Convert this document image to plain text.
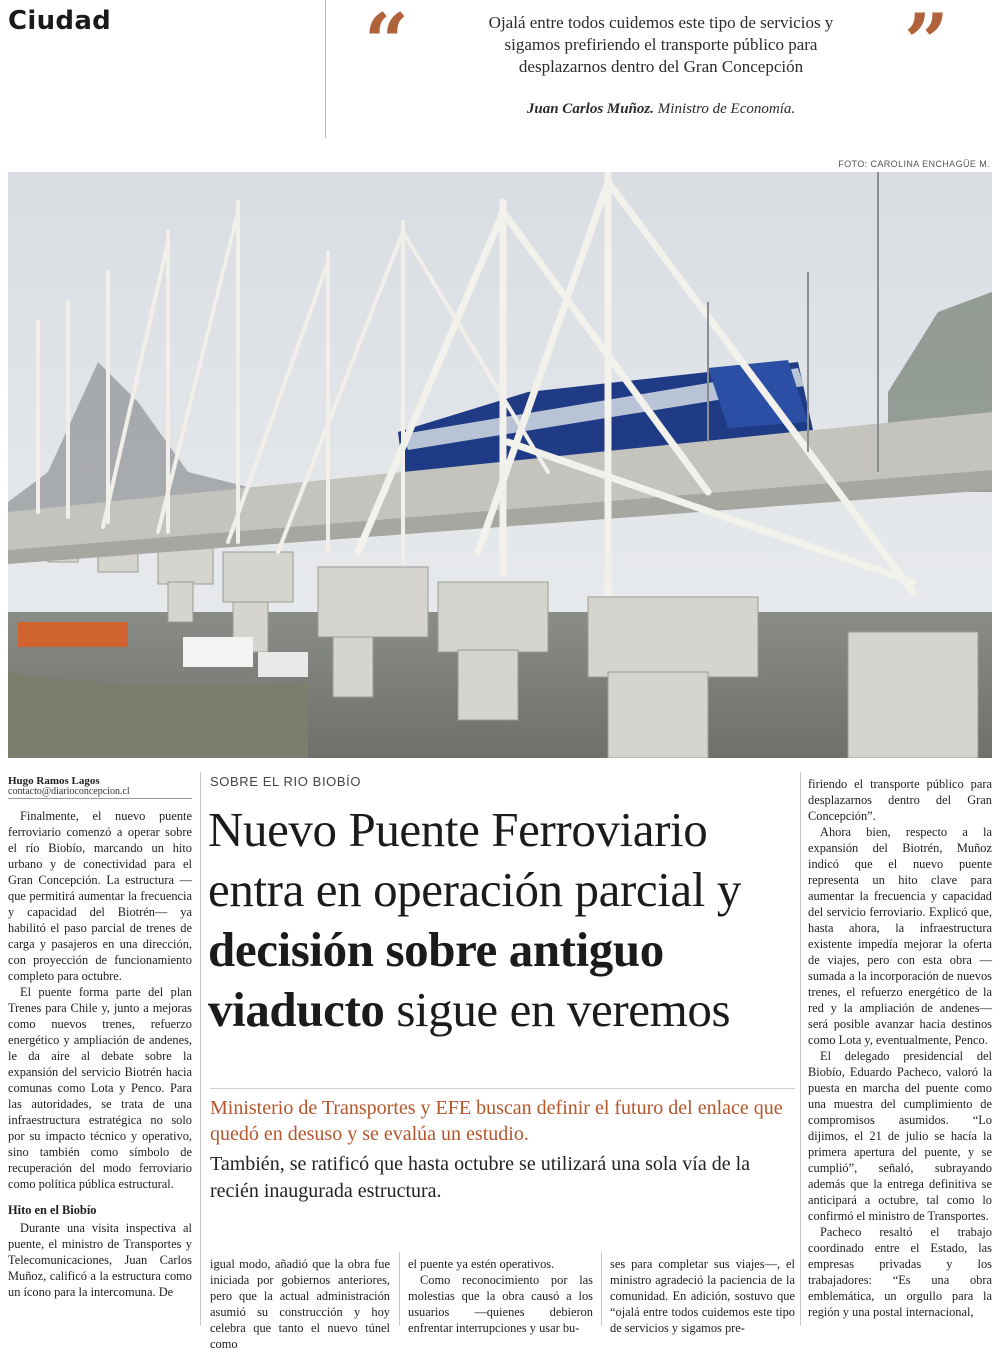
Ciudad	“	”
Ojalá entre todos cuidemos este tipo de servicios y sigamos prefiriendo el transporte público para desplazarnos dentro del Gran Concepción
Juan Carlos Muñoz. Ministro de Economía.
FOTO: CAROLINA ENCHAGÜE M.
Hugo Ramos Lagos
contacto@diarioconcepcion.cl

Finalmente, el nuevo puente ferroviario comenzó a operar sobre el río Biobío, marcando un hito urbano y de conectividad para el Gran Concepción. La estructura —que permitirá aumentar la frecuencia y capacidad del Biotrén— ya habilitó el paso parcial de trenes de carga y pasajeros en una dirección, con proyección de funcionamiento completo para octubre.

El puente forma parte del plan Trenes para Chile y, junto a mejoras como nuevos trenes, refuerzo energético y ampliación de andenes, le da aire al debate sobre la expansión del servicio Biotrén hacia comunas como Lota y Penco. Para las autoridades, se trata de una infraestructura estratégica no solo por su impacto técnico y operativo, sino también como símbolo de recuperación del modo ferroviario como política pública estructural.

Hito en el Biobío

Durante una visita inspectiva al puente, el ministro de Transportes y Telecomunicaciones, Juan Carlos Muñoz, calificó a la estructura como un ícono para la intercomuna. De

SOBRE EL RIO BIOBÍO
Nuevo Puente Ferroviario entra en operación parcial y decisión sobre antiguo viaducto sigue en veremos

Ministerio de Transportes y EFE buscan definir el futuro del enlace que quedó en desuso y se evalúa un estudio.

También, se ratificó que hasta octubre se utilizará una sola vía de la recién inaugurada estructura.

igual modo, añadió que la obra fue iniciada por gobiernos anteriores, pero que la actual administración asumió su construcción y hoy celebra que tanto el nuevo túnel como

el puente ya estén operativos.

Como reconocimiento por las molestias que la obra causó a los usuarios —quienes debieron enfrentar interrupciones y usar bu-

ses para completar sus viajes—, el ministro agradeció la paciencia de la comunidad. En adición, sostuvo que “ojalá entre todos cuidemos este tipo de servicios y sigamos pre-

firiendo el transporte público para desplazarnos dentro del Gran Concepción”.

Ahora bien, respecto a la expansión del Biotrén, Muñoz indicó que el nuevo puente representa un hito clave para aumentar la frecuencia y capacidad del servicio ferroviario. Explicó que, hasta ahora, la infraestructura existente impedía mejorar la oferta de viajes, pero con esta obra —sumada a la incorporación de nuevos trenes, el refuerzo energético de la red y la ampliación de andenes— será posible avanzar hacia destinos como Lota y, eventualmente, Penco.

El delegado presidencial del Biobío, Eduardo Pacheco, valoró la puesta en marcha del puente como una muestra del cumplimiento de compromisos asumidos. “Lo dijimos, el 21 de julio se hacía la primera apertura del puente, y se cumplió”, señaló, subrayando además que la entrega definitiva se anticipará a octubre, tal como lo confirmó el ministro de Transportes.

Pacheco resaltó el trabajo coordinado entre el Estado, las empresas privadas y los trabajadores: “Es una obra emblemática, un orgullo para la región y una postal internacional,
